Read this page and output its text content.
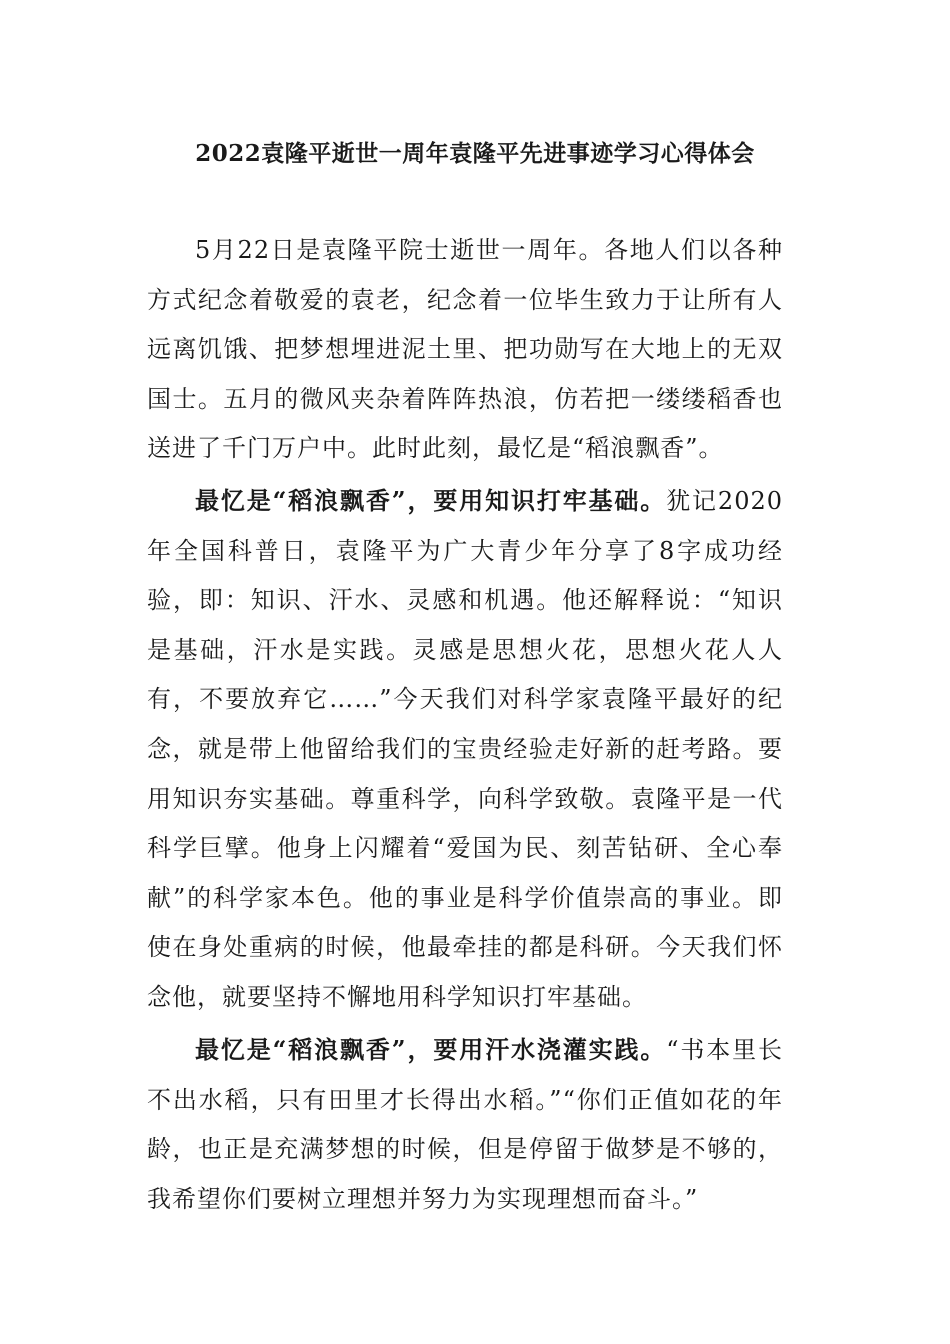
2022袁隆平逝世一周年袁隆平先进事迹学习心得体会

5月22日是袁隆平院士逝世一周年。各地人们以各种方式纪念着敬爱的袁老，纪念着一位毕生致力于让所有人远离饥饿、把梦想埋进泥土里、把功勋写在大地上的无双国士。五月的微风夹杂着阵阵热浪，仿若把一缕缕稻香也送进了千门万户中。此时此刻，最忆是“稻浪飘香”。

最忆是“稻浪飘香”，要用知识打牢基础。犹记2020年全国科普日，袁隆平为广大青少年分享了8字成功经验，即：知识、汗水、灵感和机遇。他还解释说：“知识是基础，汗水是实践。灵感是思想火花，思想火花人人有，不要放弃它……”今天我们对科学家袁隆平最好的纪念，就是带上他留给我们的宝贵经验走好新的赶考路。要用知识夯实基础。尊重科学，向科学致敬。袁隆平是一代科学巨擘。他身上闪耀着“爱国为民、刻苦钻研、全心奉献”的科学家本色。他的事业是科学价值崇高的事业。即使在身处重病的时候，他最牵挂的都是科研。今天我们怀念他，就要坚持不懈地用科学知识打牢基础。

最忆是“稻浪飘香”，要用汗水浇灌实践。“书本里长不出水稻，只有田里才长得出水稻。”“你们正值如花的年龄，也正是充满梦想的时候，但是停留于做梦是不够的，我希望你们要树立理想并努力为实现理想而奋斗。”
